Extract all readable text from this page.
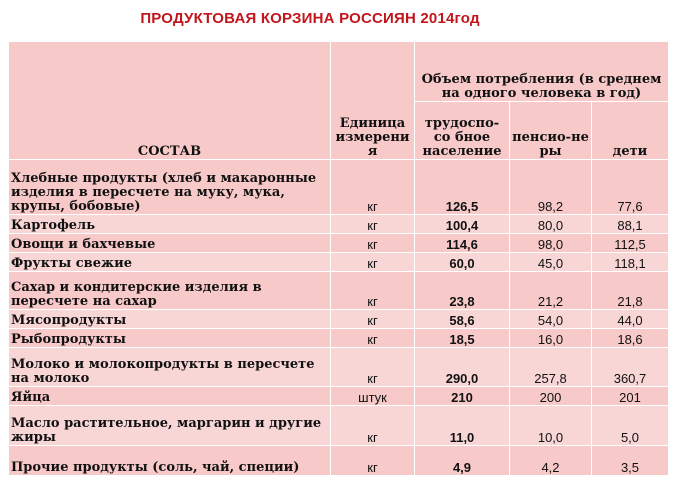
ПРОДУКТОВАЯ КОРЗИНА РОССИЯН 2014год
СОСТАВ	Единица измерени я	Объем потребления (в среднем на одного человека в год)		
		трудоспо-со бное население	пенсио-не ры	дети
Хлебные продукты (хлеб и макаронные изделия в пересчете на муку, мука, крупы, бобовые)	кг	126,5	98,2	77,6
Картофель	кг	100,4	80,0	88,1
Овощи и бахчевые	кг	114,6	98,0	112,5
Фрукты свежие	кг	60,0	45,0	118,1
Сахар и кондитерские изделия в пересчете на сахар	кг	23,8	21,2	21,8
Мясопродукты	кг	58,6	54,0	44,0
Рыбопродукты	кг	18,5	16,0	18,6
Молоко и молокопродукты в пересчете на молоко	кг	290,0	257,8	360,7
Яйца	штук	210	200	201
Масло растительное, маргарин и другие жиры	кг	11,0	10,0	5,0
Прочие продукты (соль, чай, специи)	кг	4,9	4,2	3,5
